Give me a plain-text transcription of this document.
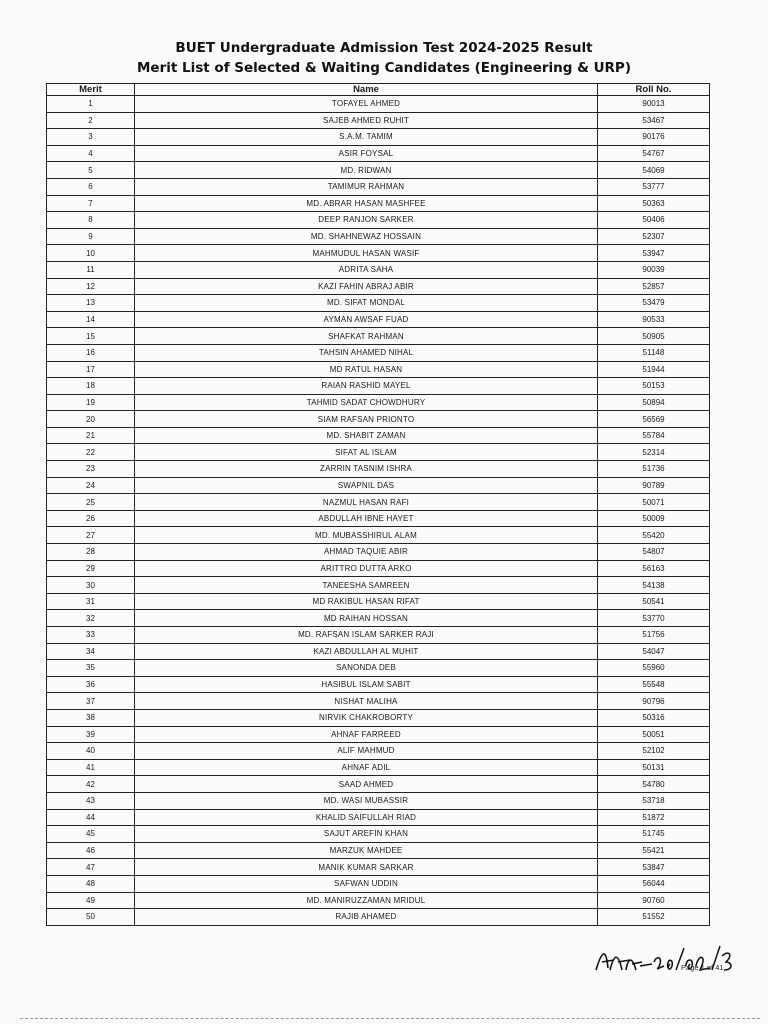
BUET Undergraduate Admission Test 2024-2025 Result
Merit List of Selected & Waiting Candidates (Engineering & URP)
Merit	Name	Roll No.
1	TOFAYEL AHMED	90013
2	SAJEB AHMED RUHIT	53467
3	S.A.M. TAMIM	90176
4	ASIR FOYSAL	54767
5	MD. RIDWAN	54069
6	TAMIMUR RAHMAN	53777
7	MD. ABRAR HASAN MASHFEE	50363
8	DEEP RANJON SARKER	50406
9	MD. SHAHNEWAZ HOSSAIN	52307
10	MAHMUDUL HASAN WASIF	53947
11	ADRITA SAHA	90039
12	KAZI FAHIN ABRAJ ABIR	52857
13	MD. SIFAT MONDAL	53479
14	AYMAN AWSAF FUAD	90533
15	SHAFKAT RAHMAN	50905
16	TAHSIN AHAMED NIHAL	51148
17	MD RATUL HASAN	51944
18	RAIAN RASHID MAYEL	50153
19	TAHMID SADAT CHOWDHURY	50894
20	SIAM RAFSAN PRIONTO	56569
21	MD. SHABIT ZAMAN	55784
22	SIFAT AL ISLAM	52314
23	ZARRIN TASNIM ISHRA	51736
24	SWAPNIL DAS	90789
25	NAZMUL HASAN RAFI	50071
26	ABDULLAH IBNE HAYET	50009
27	MD. MUBASSHIRUL ALAM	55420
28	AHMAD TAQUIE ABIR	54807
29	ARITTRO DUTTA ARKO	56163
30	TANEESHA SAMREEN	54138
31	MD RAKIBUL HASAN RIFAT	50541
32	MD RAIHAN HOSSAN	53770
33	MD. RAFSAN ISLAM SARKER RAJI	51756
34	KAZI ABDULLAH AL MUHIT	54047
35	SANONDA DEB	55960
36	HASIBUL ISLAM SABIT	55548
37	NISHAT MALIHA	90796
38	NIRVIK CHAKROBORTY	50316
39	AHNAF FARREED	50051
40	ALIF MAHMUD	52102
41	AHNAF ADIL	50131
42	SAAD AHMED	54780
43	MD. WASI MUBASSIR	53718
44	KHALID SAIFULLAH RIAD	51872
45	SAJUT AREFIN KHAN	51745
46	MARZUK MAHDEE	55421
47	MANIK KUMAR SARKAR	53847
48	SAFWAN UDDIN	56044
49	MD. MANIRUZZAMAN MRIDUL	90760
50	RAJIB AHAMED	51552
Page 1 of 41
